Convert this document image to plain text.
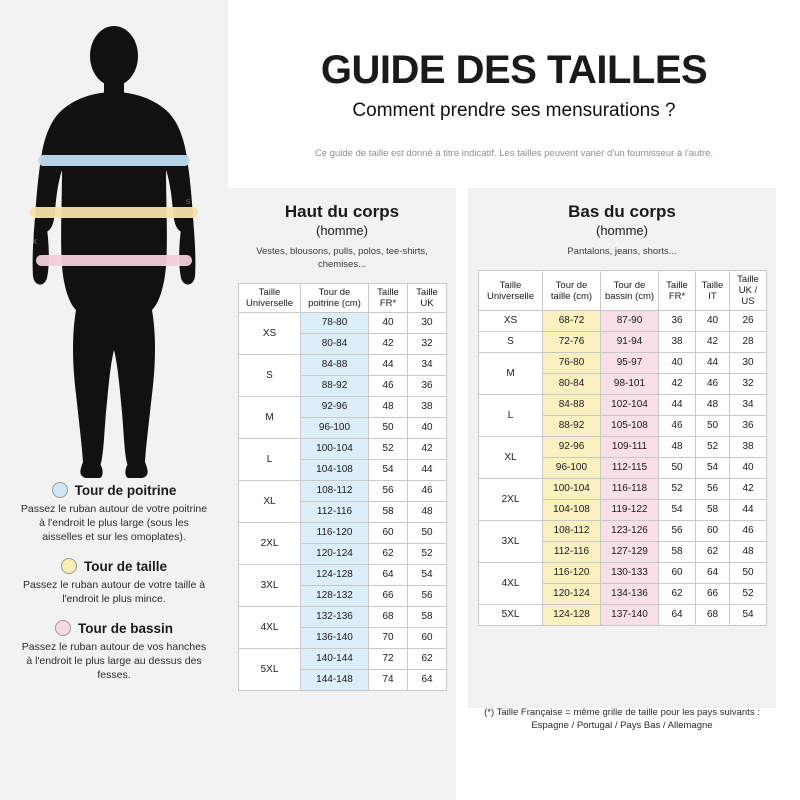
stock
stock
stock
Tour de poitrine
Passez le ruban autour de votre poitrine à l'endroit le plus large (sous les aisselles et sur les omoplates).
Tour de taille
Passez le ruban autour de votre taille à l'endroit le plus mince.
Tour de bassin
Passez le ruban autour de vos hanches à l'endroit le plus large au dessus des fesses.
GUIDE DES TAILLES
Comment prendre ses mensurations ?
Ce guide de taille est donné à titre indicatif. Les tailles peuvent varier d'un fournisseur à l'autre.
Haut du corps
(homme)
Vestes, blousons, pulls, polos, tee-shirts, chemises...
Taille Universelle	Tour de poitrine (cm)	Taille FR*	Taille UK
XS	78-80	40	30
	80-84	42	32
S	84-88	44	34
	88-92	46	36
M	92-96	48	38
	96-100	50	40
L	100-104	52	42
	104-108	54	44
XL	108-112	56	46
	112-116	58	48
2XL	116-120	60	50
	120-124	62	52
3XL	124-128	64	54
	128-132	66	56
4XL	132-136	68	58
	136-140	70	60
5XL	140-144	72	62
	144-148	74	64
Bas du corps
(homme)
Pantalons, jeans, shorts...
Taille Universelle	Tour de taille (cm)	Tour de bassin (cm)	Taille FR*	Taille IT	Taille UK / US
XS	68-72	87-90	36	40	26
S	72-76	91-94	38	42	28
M	76-80	95-97	40	44	30
	80-84	98-101	42	46	32
L	84-88	102-104	44	48	34
	88-92	105-108	46	50	36
XL	92-96	109-111	48	52	38
	96-100	112-115	50	54	40
2XL	100-104	116-118	52	56	42
	104-108	119-122	54	58	44
3XL	108-112	123-126	56	60	46
	112-116	127-129	58	62	48
4XL	116-120	130-133	60	64	50
	120-124	134-136	62	66	52
5XL	124-128	137-140	64	68	54
(*) Taille Française = même grille de taille pour les pays suivants : Espagne / Portugal / Pays Bas / Allemagne
